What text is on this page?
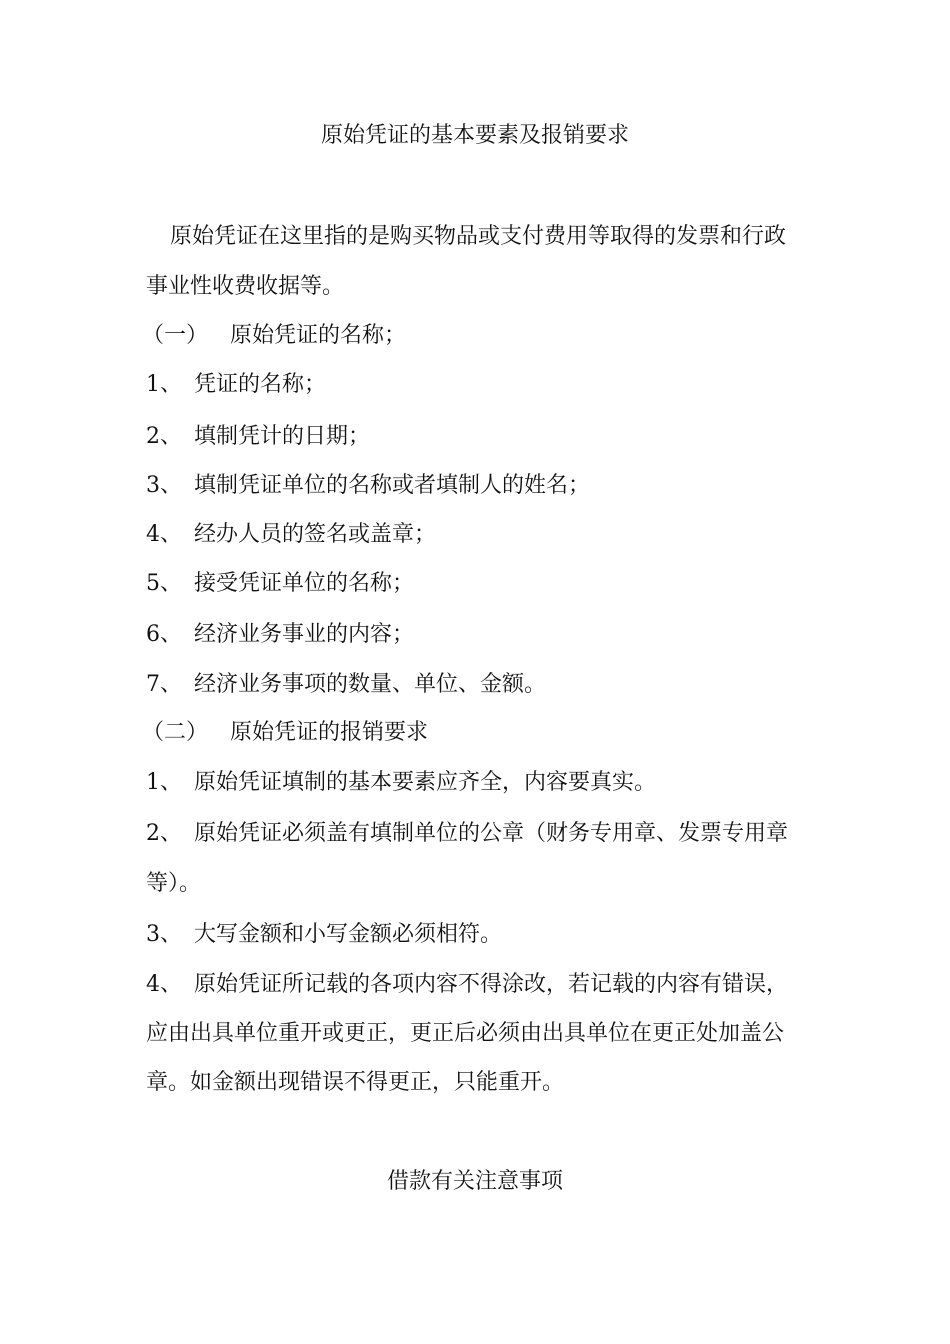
原始凭证的基本要素及报销要求
原始凭证在这里指的是购买物品或支付费用等取得的发票和行政
事业性收费收据等。
（一） 原始凭证的名称；
1、 凭证的名称；
2、 填制凭计的日期；
3、 填制凭证单位的名称或者填制人的姓名；
4、 经办人员的签名或盖章；
5、 接受凭证单位的名称；
6、 经济业务事业的内容；
7、 经济业务事项的数量、单位、金额。
（二） 原始凭证的报销要求
1、 原始凭证填制的基本要素应齐全，内容要真实。
2、 原始凭证必须盖有填制单位的公章（财务专用章、发票专用章
等）。
3、 大写金额和小写金额必须相符。
4、 原始凭证所记载的各项内容不得涂改，若记载的内容有错误，
应由出具单位重开或更正，更正后必须由出具单位在更正处加盖公
章。如金额出现错误不得更正，只能重开。
借款有关注意事项
